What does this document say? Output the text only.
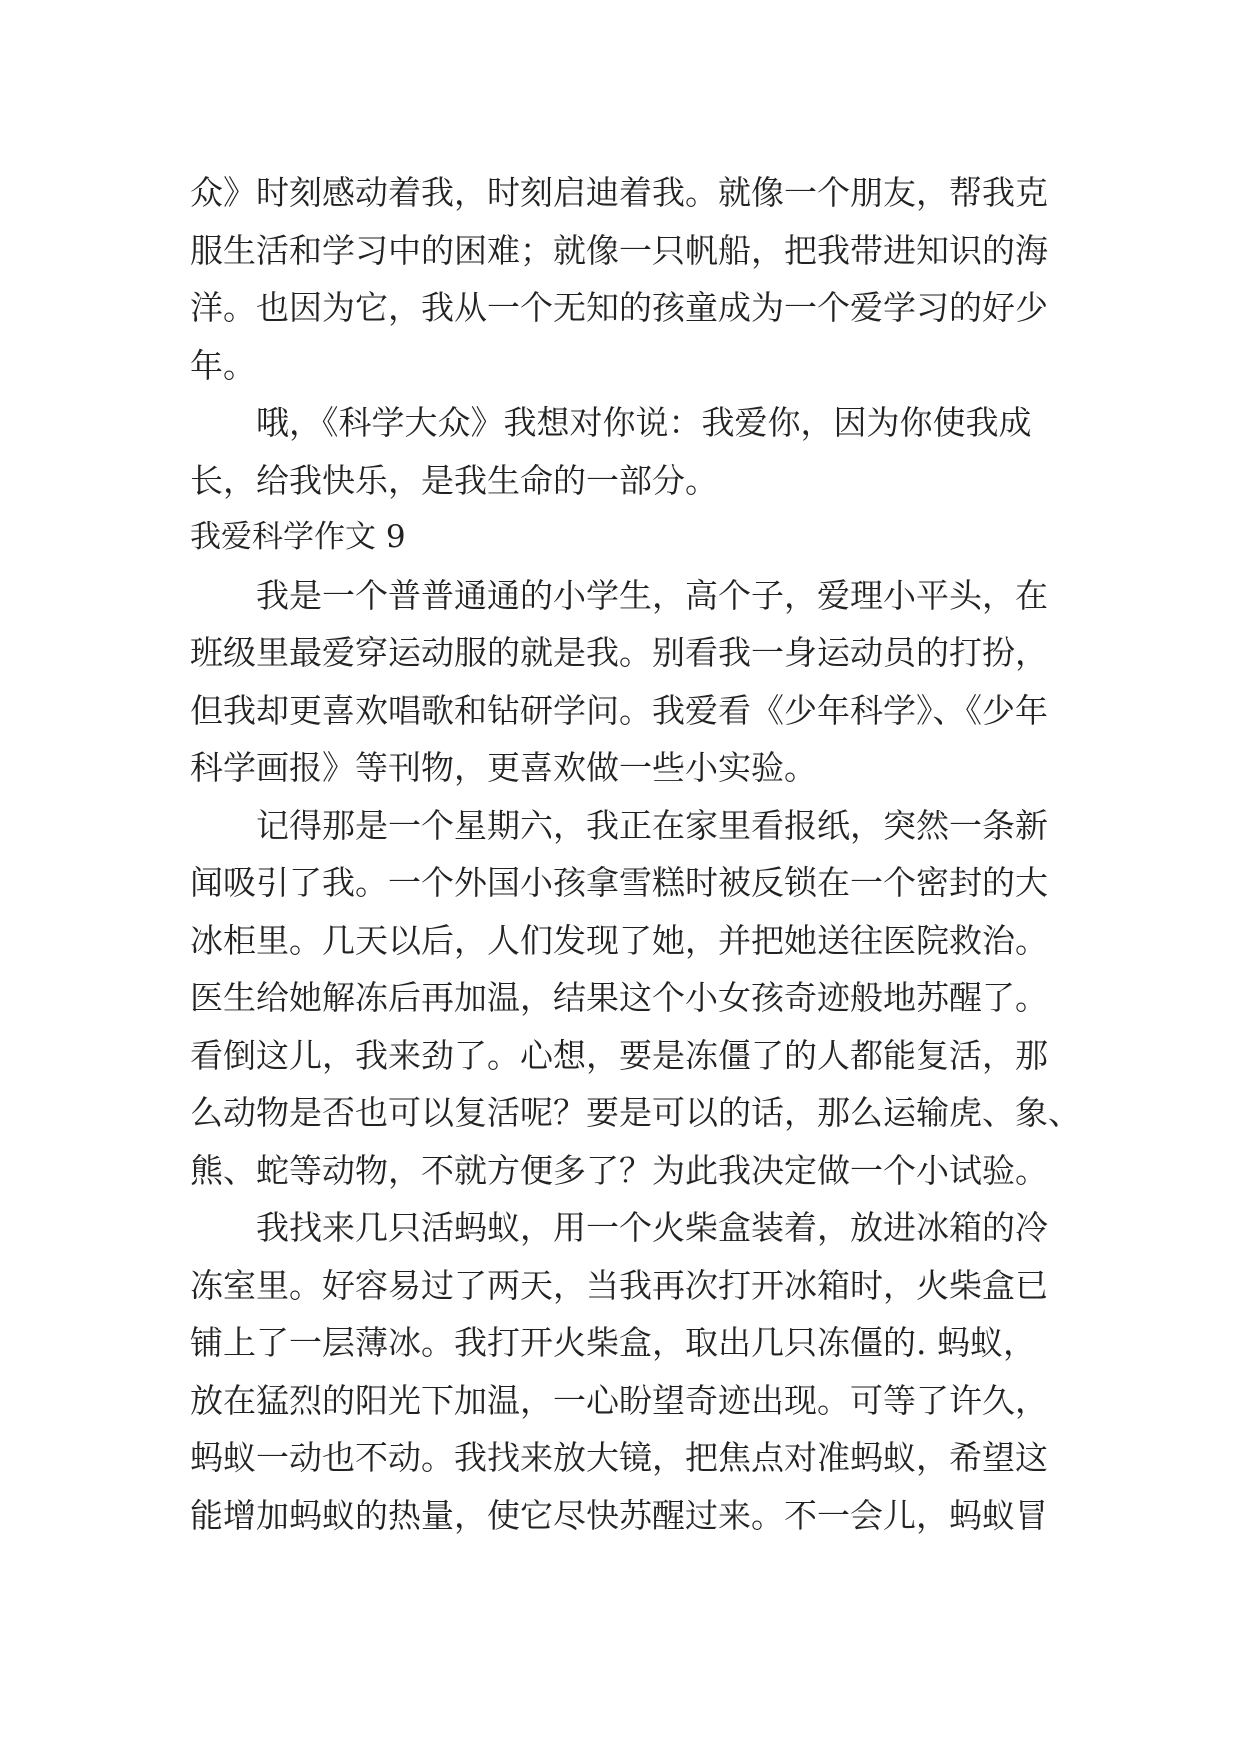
众》时刻感动着我，时刻启迪着我。就像一个朋友，帮我克
服生活和学习中的困难；就像一只帆船，把我带进知识的海
洋。也因为它，我从一个无知的孩童成为一个爱学习的好少
年。
哦，《科学大众》我想对你说：我爱你，因为你使我成
长，给我快乐，是我生命的一部分。
我爱科学作文 9
我是一个普普通通的小学生，高个子，爱理小平头，在
班级里最爱穿运动服的就是我。别看我一身运动员的打扮，
但我却更喜欢唱歌和钻研学问。我爱看《少年科学》、《少年
科学画报》等刊物，更喜欢做一些小实验。
记得那是一个星期六，我正在家里看报纸，突然一条新
闻吸引了我。一个外国小孩拿雪糕时被反锁在一个密封的大
冰柜里。几天以后，人们发现了她，并把她送往医院救治。
医生给她解冻后再加温，结果这个小女孩奇迹般地苏醒了。
看倒这儿，我来劲了。心想，要是冻僵了的人都能复活，那
么动物是否也可以复活呢？要是可以的话，那么运输虎、象、
熊、蛇等动物，不就方便多了？为此我决定做一个小试验。
我找来几只活蚂蚁，用一个火柴盒装着，放进冰箱的冷
冻室里。好容易过了两天，当我再次打开冰箱时，火柴盒已
铺上了一层薄冰。我打开火柴盒，取出几只冻僵的. 蚂蚁，
放在猛烈的阳光下加温，一心盼望奇迹出现。可等了许久，
蚂蚁一动也不动。我找来放大镜，把焦点对准蚂蚁，希望这
能增加蚂蚁的热量，使它尽快苏醒过来。不一会儿，蚂蚁冒
